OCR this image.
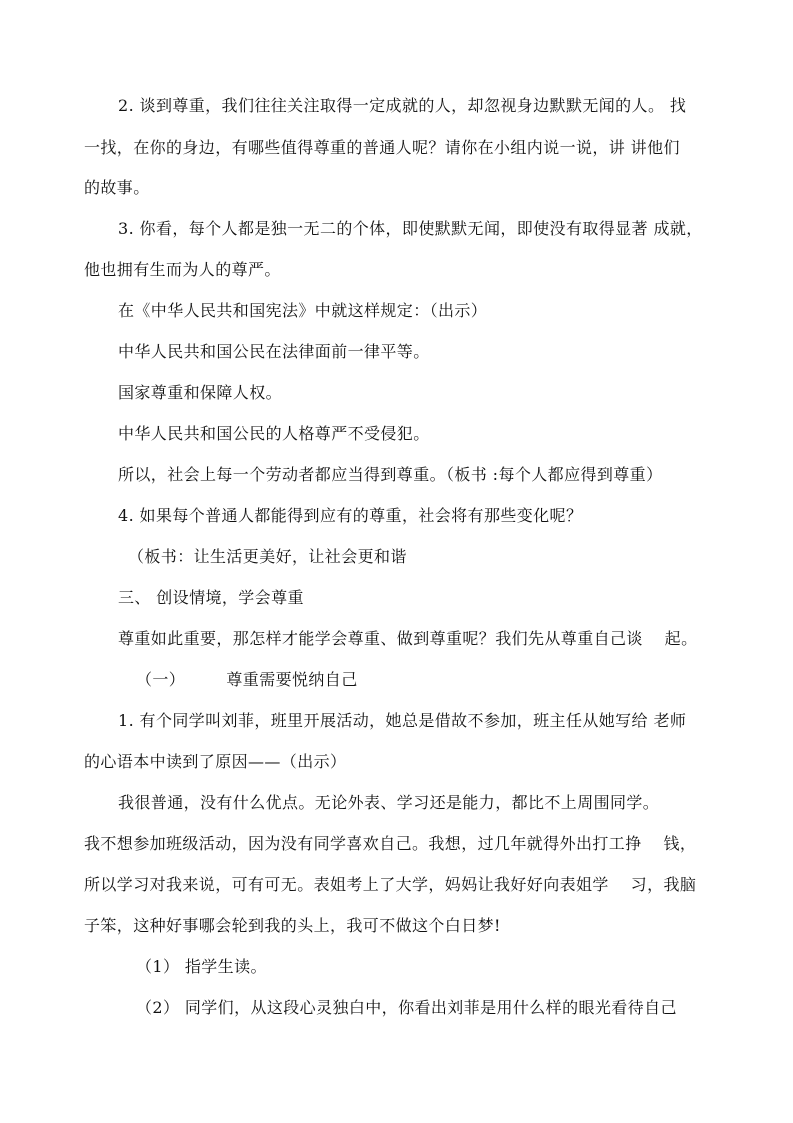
2. 谈到尊重，我们往往关注取得一定成就的人，却忽视身边默默无闻的人。 找
一找，在你的身边，有哪些值得尊重的普通人呢？请你在小组内说一说，讲 讲他们
的故事。
3. 你看，每个人都是独一无二的个体，即使默默无闻，即使没有取得显著 成就，
他也拥有生而为人的尊严。
在《中华人民共和国宪法》中就这样规定：（出示）
中华人民共和国公民在法律面前一律平等。
国家尊重和保障人权。
中华人民共和国公民的人格尊严不受侵犯。
所以，社会上每一个劳动者都应当得到尊重。（板书 :每个人都应得到尊重）
4. 如果每个普通人都能得到应有的尊重，社会将有那些变化呢？
（板书：让生活更美好，让社会更和谐
三、 创设情境，学会尊重
尊重如此重要，那怎样才能学会尊重、做到尊重呢？我们先从尊重自己谈　 起。
（一）　　　尊重需要悦纳自己
1. 有个同学叫刘菲，班里开展活动，她总是借故不参加，班主任从她写给 老师
的心语本中读到了原因——（出示）
我很普通，没有什么优点。无论外表、学习还是能力，都比不上周围同学。
我不想参加班级活动，因为没有同学喜欢自己。我想，过几年就得外出打工挣　 钱，
所以学习对我来说，可有可无。表姐考上了大学，妈妈让我好好向表姐学　 习，我脑
子笨，这种好事哪会轮到我的头上，我可不做这个白日梦!
（1） 指学生读。
（2） 同学们，从这段心灵独白中，你看出刘菲是用什么样的眼光看待自己
